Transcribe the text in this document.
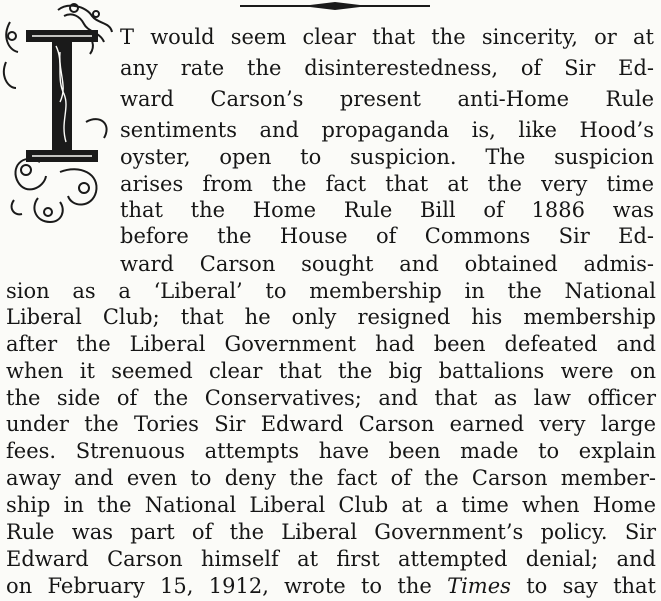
T would seem clear that the sincerity, or at

any rate the disinterestedness, of Sir Ed-

ward Carson’s present anti-Home Rule

sentiments and propaganda is, like Hood’s

oyster, open to suspicion. The suspicion

arises from the fact that at the very time

that the Home Rule Bill of 1886 was

before the House of Commons Sir Ed-

ward Carson sought and obtained admis-

sion as a ‘Liberal’ to membership in the National

Liberal Club; that he only resigned his membership

after the Liberal Government had been defeated and

when it seemed clear that the big battalions were on

the side of the Conservatives; and that as law officer

under the Tories Sir Edward Carson earned very large

fees. Strenuous attempts have been made to explain

away and even to deny the fact of the Carson member-

ship in the National Liberal Club at a time when Home

Rule was part of the Liberal Government’s policy. Sir

Edward Carson himself at first attempted denial; and

on February 15, 1912, wrote to the Times to say that
